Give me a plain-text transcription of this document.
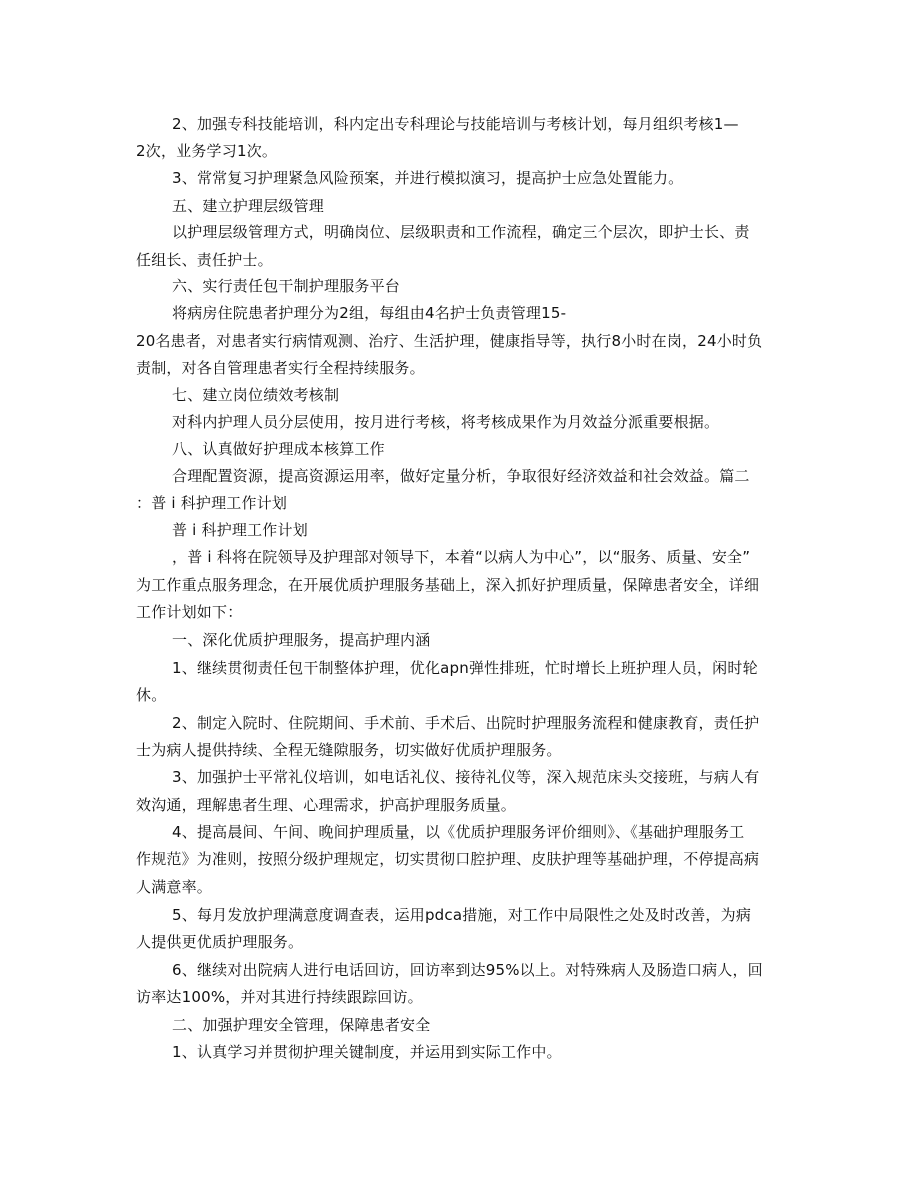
2、加强专科技能培训，科内定出专科理论与技能培训与考核计划，每月组织考核1—
2次，业务学习1次。
3、常常复习护理紧急风险预案，并进行模拟演习，提高护士应急处置能力。
五、建立护理层级管理
以护理层级管理方式，明确岗位、层级职责和工作流程，确定三个层次，即护士长、责
任组长、责任护士。
六、实行责任包干制护理服务平台
将病房住院患者护理分为2组，每组由4名护士负责管理15-
20名患者，对患者实行病情观测、治疗、生活护理，健康指导等，执行8小时在岗，24小时负
责制，对各自管理患者实行全程持续服务。
七、建立岗位绩效考核制
对科内护理人员分层使用，按月进行考核，将考核成果作为月效益分派重要根据。
八、认真做好护理成本核算工作
合理配置资源，提高资源运用率，做好定量分析，争取很好经济效益和社会效益。篇二
：普 i 科护理工作计划
普 i 科护理工作计划
，普 i 科将在院领导及护理部对领导下，本着“以病人为中心”，以“服务、质量、安全”
为工作重点服务理念，在开展优质护理服务基础上，深入抓好护理质量，保障患者安全，详细
工作计划如下：
一、深化优质护理服务，提高护理内涵
1、继续贯彻责任包干制整体护理，优化apn弹性排班，忙时增长上班护理人员，闲时轮
休。
2、制定入院时、住院期间、手术前、手术后、出院时护理服务流程和健康教育，责任护
士为病人提供持续、全程无缝隙服务，切实做好优质护理服务。
3、加强护士平常礼仪培训，如电话礼仪、接待礼仪等，深入规范床头交接班，与病人有
效沟通，理解患者生理、心理需求，护高护理服务质量。
4、提高晨间、午间、晚间护理质量，以《优质护理服务评价细则》、《基础护理服务工
作规范》为准则，按照分级护理规定，切实贯彻口腔护理、皮肤护理等基础护理，不停提高病
人满意率。
5、每月发放护理满意度调查表，运用pdca措施，对工作中局限性之处及时改善，为病
人提供更优质护理服务。
6、继续对出院病人进行电话回访，回访率到达95%以上。对特殊病人及肠造口病人，回
访率达100%，并对其进行持续跟踪回访。
二、加强护理安全管理，保障患者安全
1、认真学习并贯彻护理关键制度，并运用到实际工作中。
